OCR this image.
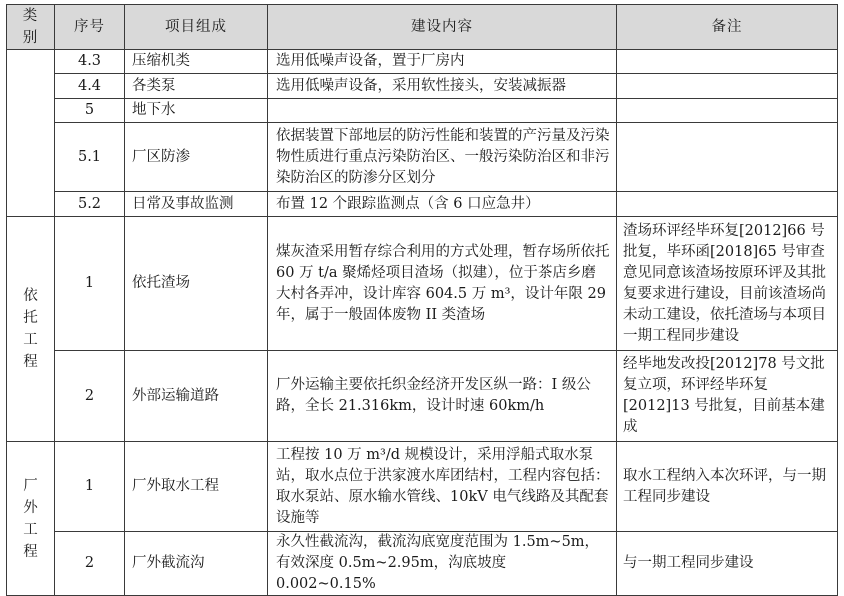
类别	序号	项目组成	建设内容	备注
	4.3	压缩机类	选用低噪声设备，置于厂房内	
	4.4	各类泵	选用低噪声设备，采用软性接头，安装减振器	
	5	地下水		
	5.1	厂区防渗	依据装置下部地层的防污性能和装置的产污量及污染物性质进行重点污染防治区、一般污染防治区和非污染防治区的防渗分区划分	
	5.2	日常及事故监测	布置 12 个跟踪监测点（含 6 口应急井）	
依托工程	1	依托渣场	煤灰渣采用暂存综合利用的方式处理，暂存场所依托 60 万 t/a 聚烯烃项目渣场（拟建），位于茶店乡磨大村各弄冲，设计库容 604.5 万 m³，设计年限 29 年，属于一般固体废物 II 类渣场	渣场环评经毕环复[2012]66 号批复，毕环函[2018]65 号审查意见同意该渣场按原环评及其批复要求进行建设，目前该渣场尚未动工建设，依托渣场与本项目一期工程同步建设
	2	外部运输道路	厂外运输主要依托织金经济开发区纵一路：I 级公路，全长 21.316km，设计时速 60km/h	经毕地发改投[2012]78 号文批复立项，环评经毕环复[2012]13 号批复，目前基本建成
厂外工程	1	厂外取水工程	工程按 10 万 m³/d 规模设计，采用浮船式取水泵站，取水点位于洪家渡水库团结村，工程内容包括：取水泵站、原水输水管线、10kV 电气线路及其配套设施等	取水工程纳入本次环评，与一期工程同步建设
	2	厂外截流沟	永久性截流沟，截流沟底宽度范围为 1.5m~5m，有效深度 0.5m~2.95m，沟底坡度 0.002~0.15%	与一期工程同步建设
